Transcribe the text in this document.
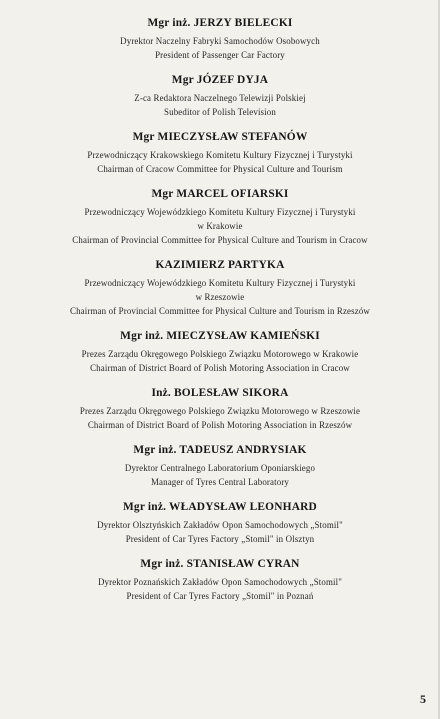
Mgr inż. JERZY BIELECKI
Dyrektor Naczelny Fabryki Samochodów Osobowych
President of Passenger Car Factory
Mgr JÓZEF DYJA
Z-ca Redaktora Naczelnego Telewizji Polskiej
Subeditor of Polish Television
Mgr MIECZYSŁAW STEFANÓW
Przewodniczący Krakowskiego Komitetu Kultury Fizycznej i Turystyki
Chairman of Cracow Committee for Physical Culture and Tourism
Mgr MARCEL OFIARSKI
Przewodniczący Wojewódzkiego Komitetu Kultury Fizycznej i Turystyki
w Krakowie
Chairman of Provincial Committee for Physical Culture and Tourism in Cracow
KAZIMIERZ PARTYKA
Przewodniczący Wojewódzkiego Komitetu Kultury Fizycznej i Turystyki
w Rzeszowie
Chairman of Provincial Committee for Physical Culture and Tourism in Rzeszów
Mgr inż. MIECZYSŁAW KAMIEŃSKI
Prezes Zarządu Okręgowego Polskiego Związku Motorowego w Krakowie
Chairman of District Board of Polish Motoring Association in Cracow
Inż. BOLESŁAW SIKORA
Prezes Zarządu Okręgowego Polskiego Związku Motorowego w Rzeszowie
Chairman of District Board of Polish Motoring Association in Rzeszów
Mgr inż. TADEUSZ ANDRYSIAK
Dyrektor Centralnego Laboratorium Oponiarskiego
Manager of Tyres Central Laboratory
Mgr inż. WŁADYSŁAW LEONHARD
Dyrektor Olsztyńskich Zakładów Opon Samochodowych „Stomil"
President of Car Tyres Factory „Stomil" in Olsztyn
Mgr inż. STANISŁAW CYRAN
Dyrektor Poznańskich Zakładów Opon Samochodowych „Stomil"
President of Car Tyres Factory „Stomil" in Poznań
5
